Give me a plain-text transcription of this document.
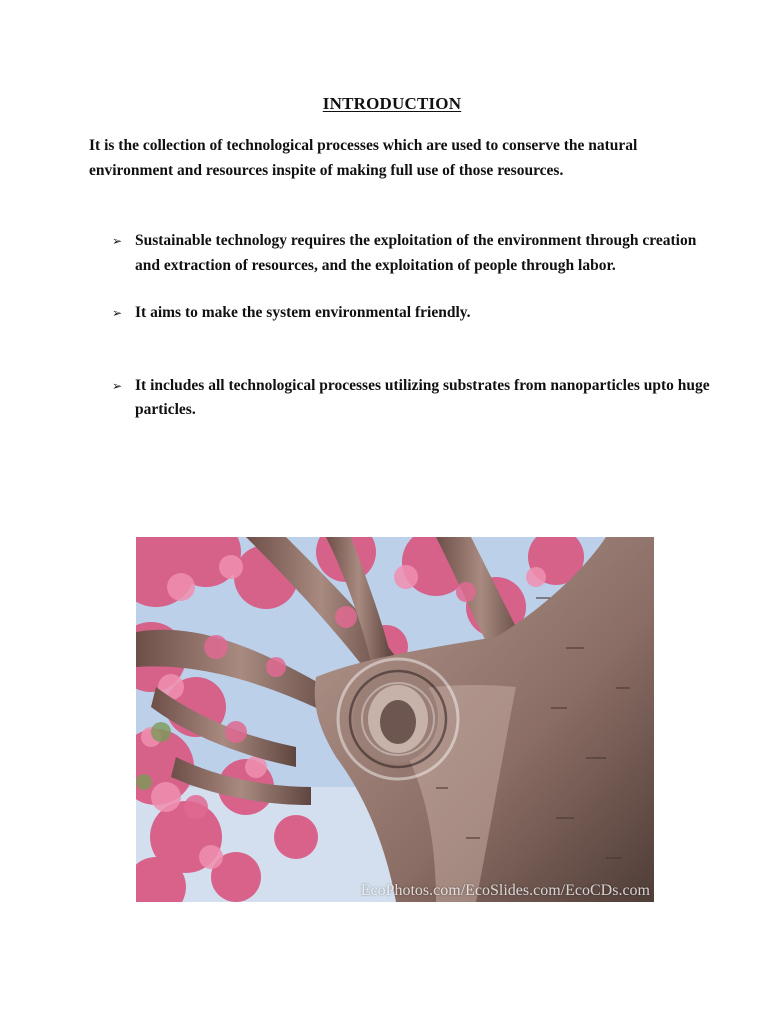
INTRODUCTION
It is the collection of technological processes which are used to conserve the natural environment and resources inspite of making full use of those resources.
➢ Sustainable technology requires the exploitation of the environment through creation and extraction of resources, and the exploitation of people through labor.
➢ It aims to make the system environmental friendly.
➢ It includes all technological processes utilizing substrates from nanoparticles upto huge particles.
EcoPhotos.com/EcoSlides.com/EcoCDs.com
